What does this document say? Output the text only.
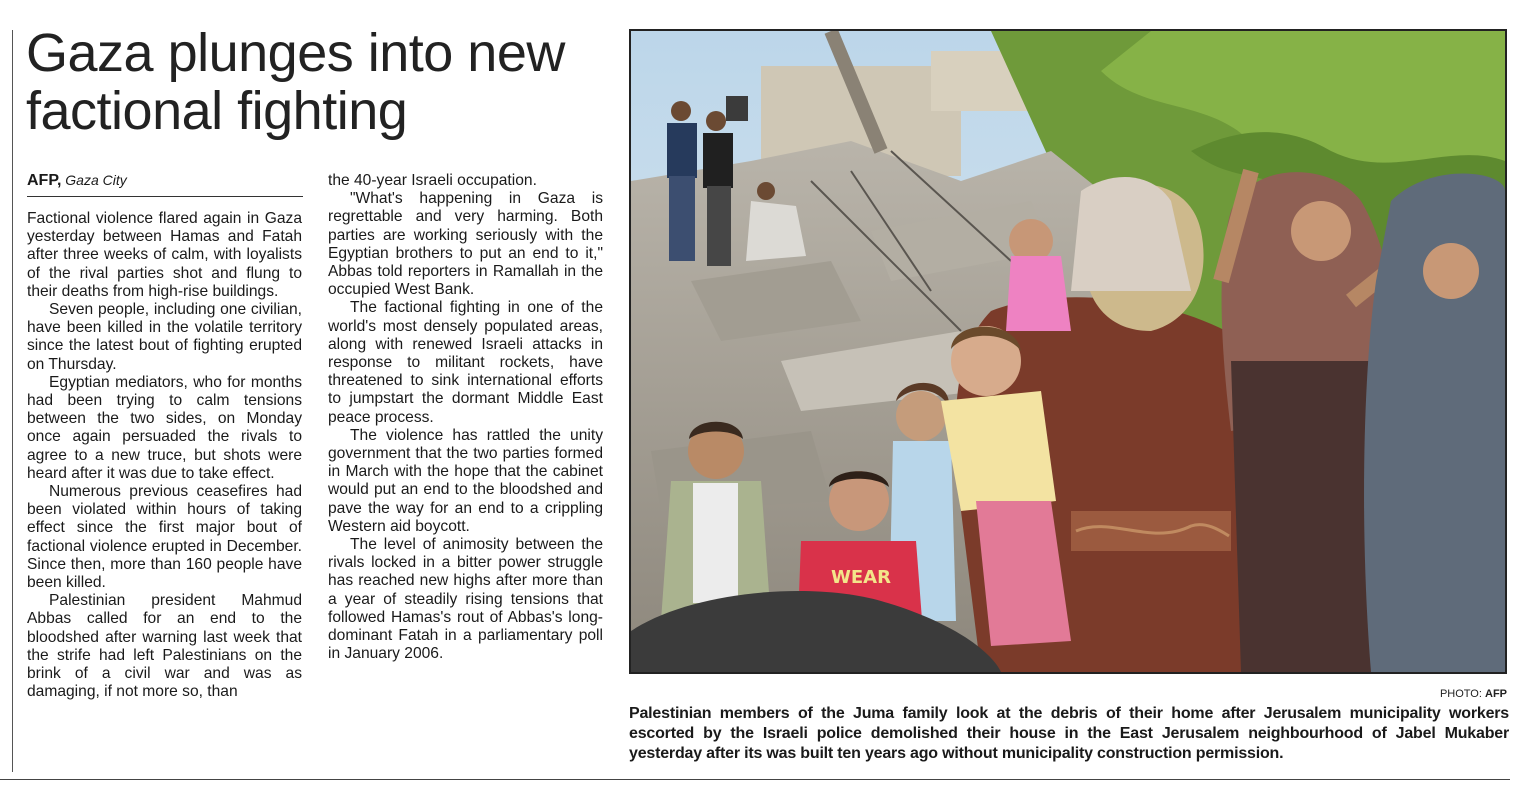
Gaza plunges into new factional fighting
AFP, Gaza City

Factional violence flared again in Gaza yesterday between Hamas and Fatah after three weeks of calm, with loyalists of the rival parties shot and flung to their deaths from high-rise buildings.

Seven people, including one civilian, have been killed in the volatile territory since the latest bout of fighting erupted on Thursday.

Egyptian mediators, who for months had been trying to calm tensions between the two sides, on Monday once again persuaded the rivals to agree to a new truce, but shots were heard after it was due to take effect.

Numerous previous ceasefires had been violated within hours of taking effect since the first major bout of factional violence erupted in December. Since then, more than 160 people have been killed.

Palestinian president Mahmud Abbas called for an end to the bloodshed after warning last week that the strife had left Palestinians on the brink of a civil war and was as damaging, if not more so, than

the 40-year Israeli occupation.

"What's happening in Gaza is regrettable and very harming. Both parties are working seriously with the Egyptian brothers to put an end to it," Abbas told reporters in Ramallah in the occupied West Bank.

The factional fighting in one of the world's most densely populated areas, along with renewed Israeli attacks in response to militant rockets, have threatened to sink international efforts to jumpstart the dormant Middle East peace process.

The violence has rattled the unity government that the two parties formed in March with the hope that the cabinet would put an end to the bloodshed and pave the way for an end to a crippling Western aid boycott.

The level of animosity between the rivals locked in a bitter power struggle has reached new highs after more than a year of steadily rising tensions that followed Hamas's rout of Abbas's long-dominant Fatah in a parliamentary poll in January 2006.

WEAR
PHOTO: AFP
Palestinian members of the Juma family look at the debris of their home after Jerusalem municipality workers escorted by the Israeli police demolished their house in the East Jerusalem neighbourhood of Jabel Mukaber yesterday after its was built ten years ago without municipality construction permission.
